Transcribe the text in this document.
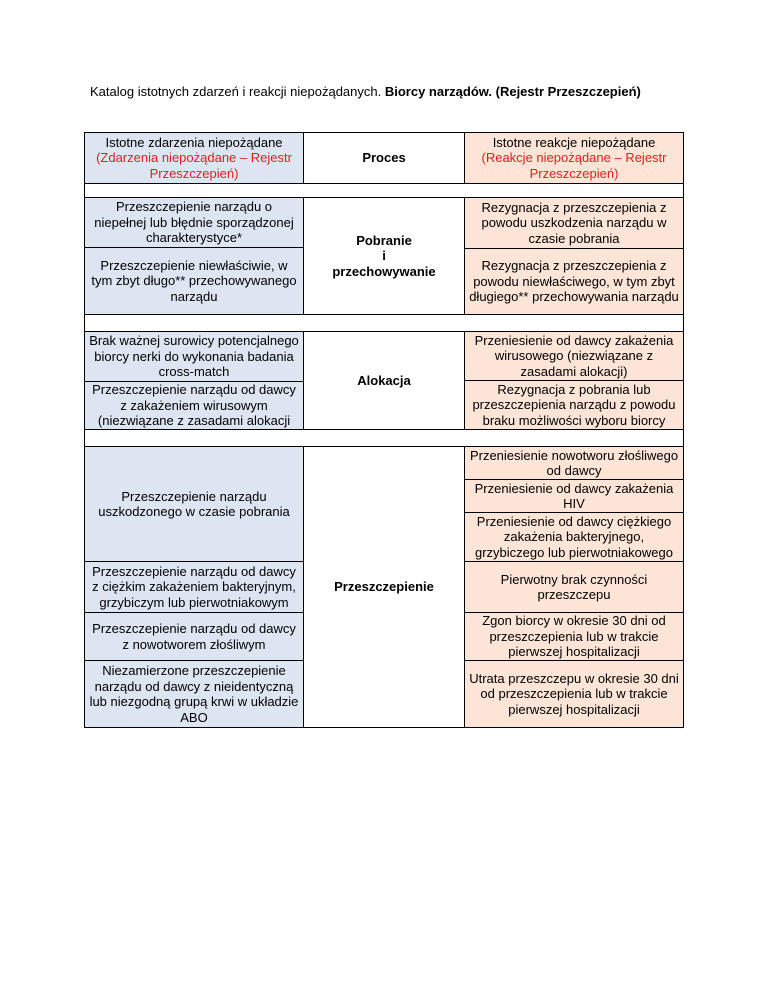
Katalog istotnych zdarzeń i reakcji niepożądanych. Biorcy narządów. (Rejestr Przeszczepień)
Istotne zdarzenia niepożądane
(Zdarzenia niepożądane – Rejestr Przeszczepień)
Proces
Istotne reakcje niepożądane
(Reakcje niepożądane – Rejestr Przeszczepień)
Przeszczepienie narządu o niepełnej lub błędnie sporządzonej charakterystyce*
Przeszczepienie niewłaściwie, w tym zbyt długo** przechowywanego narządu
Pobranie
i
przechowywanie
Rezygnacja z przeszczepienia z powodu uszkodzenia narządu w czasie pobrania
Rezygnacja z przeszczepienia z powodu niewłaściwego, w tym zbyt długiego** przechowywania narządu
Brak ważnej surowicy potencjalnego biorcy nerki do wykonania badania cross-match
Przeszczepienie narządu od dawcy z zakażeniem wirusowym (niezwiązane z zasadami alokacji
Alokacja
Przeniesienie od dawcy zakażenia wirusowego (niezwiązane z zasadami alokacji)
Rezygnacja z pobrania lub przeszczepienia narządu z powodu braku możliwości wyboru biorcy
Przeszczepienie narządu uszkodzonego w czasie pobrania
Przeszczepienie narządu od dawcy z ciężkim zakażeniem bakteryjnym, grzybiczym lub pierwotniakowym
Przeszczepienie narządu od dawcy z nowotworem złośliwym
Niezamierzone przeszczepienie narządu od dawcy z nieidentyczną lub niezgodną grupą krwi w układzie ABO
Przeszczepienie
Przeniesienie nowotworu złośliwego od dawcy
Przeniesienie od dawcy zakażenia HIV
Przeniesienie od dawcy ciężkiego zakażenia bakteryjnego, grzybiczego lub pierwotniakowego
Pierwotny brak czynności przeszczepu
Zgon biorcy w okresie 30 dni od przeszczepienia lub w trakcie pierwszej hospitalizacji
Utrata przeszczepu w okresie 30 dni od przeszczepienia lub w trakcie pierwszej hospitalizacji
